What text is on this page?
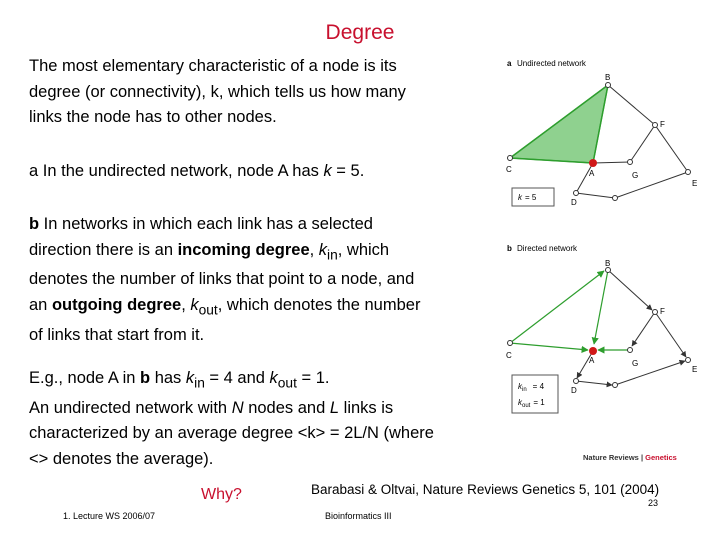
Degree

The most elementary characteristic of a node is its degree (or connectivity), k, which tells us how many links the node has to other nodes.

a In the undirected network, node A has k = 5.

b In networks in which each link has a selected direction there is an incoming degree, $k_{in}$, which denotes the number of links that point to a node, and an outgoing degree, $k_{out}$, which denotes the number of links that start from it.

E.g., node A in b has $k_{in} = 4$ and $k_{out} = 1$.

An undirected network with N nodes and L links is characterized by an average degree <k> = 2L/N (where <> denotes the average).

Why?	Barabasi & Oltvai, Nature Reviews Genetics 5, 101 (2004)
1. Lecture WS 2006/07	Bioinformatics III
23
a Undirected network
C
B
F
G
E
D
A
k = 5
b Directed network
C
B
F
G
E
D
A
$k_{in} = 4$
$k_{out} = 1$
Nature Reviews | Genetics
